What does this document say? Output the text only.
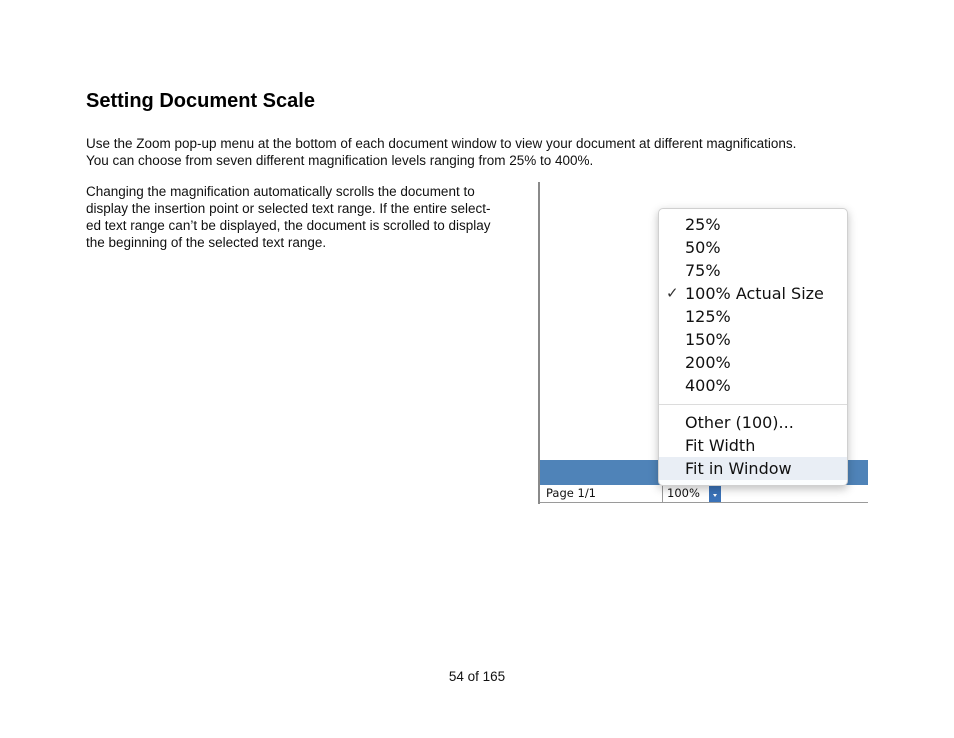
Setting Document Scale

Use the Zoom pop-up menu at the bottom of each document window to view your document at different magnifications.
You can choose from seven different magnification levels ranging from 25% to 400%.

Changing the magnification automatically scrolls the document to
display the insertion point or selected text range. If the entire select-
ed text range can’t be displayed, the document is scrolled to display
the beginning of the selected text range.

Page 1/1	100%
25%
50%
75%
✓ 100% Actual Size
125%
150%
200%
400%
Other (100)...
Fit Width
Fit in Window

54 of 165
